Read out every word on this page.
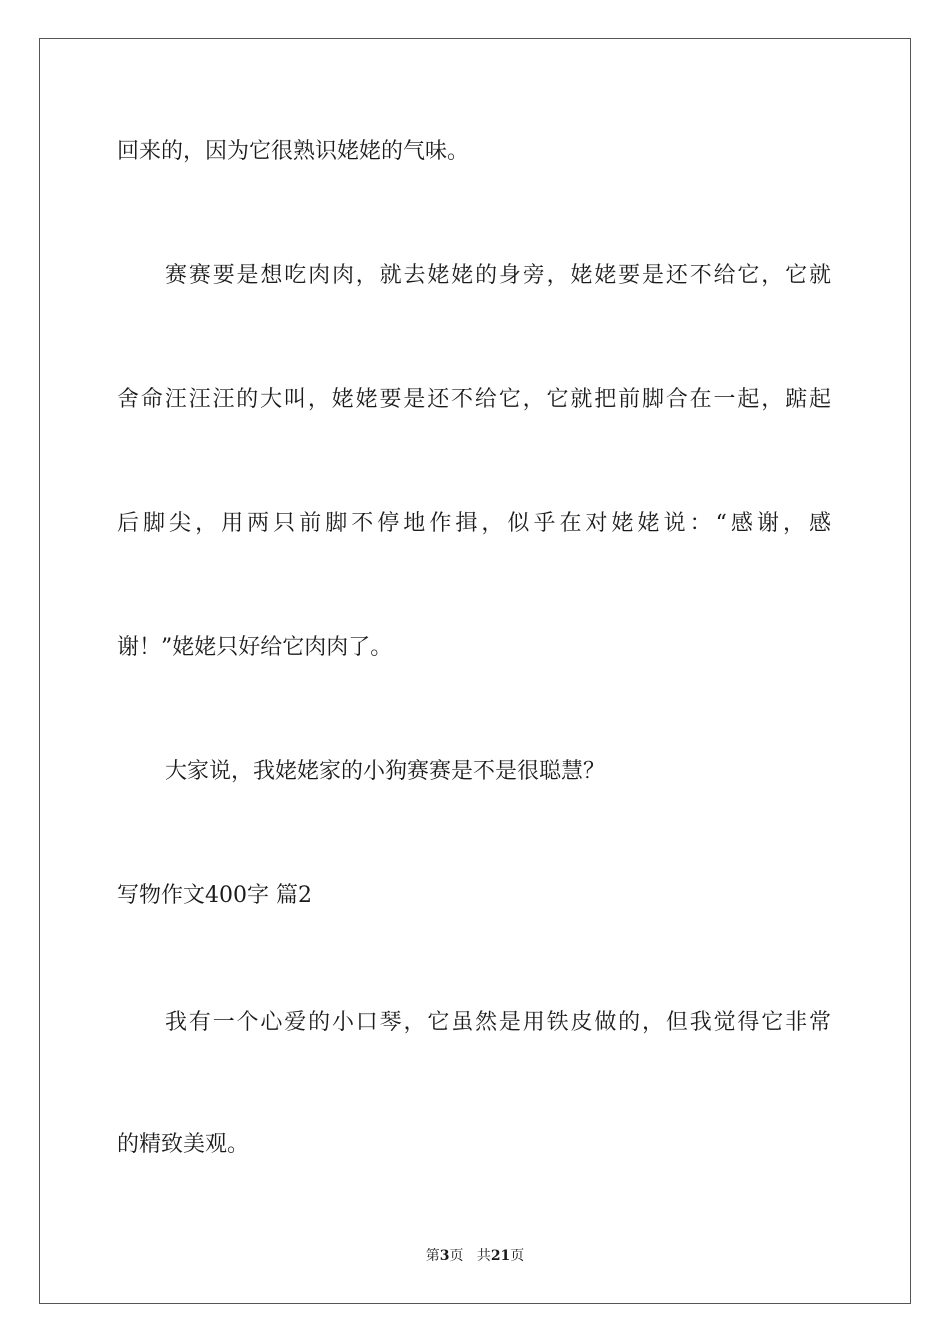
回来的，因为它很熟识姥姥的气味。
赛赛要是想吃肉肉，就去姥姥的身旁，姥姥要是还不给它，它就
舍命汪汪汪的大叫，姥姥要是还不给它，它就把前脚合在一起，踮起
后脚尖，用两只前脚不停地作揖，似乎在对姥姥说：“感谢，感
谢！”姥姥只好给它肉肉了。
大家说，我姥姥家的小狗赛赛是不是很聪慧？
写物作文400字 篇2
我有一个心爱的小口琴，它虽然是用铁皮做的，但我觉得它非常
的精致美观。
第3页 共21页
